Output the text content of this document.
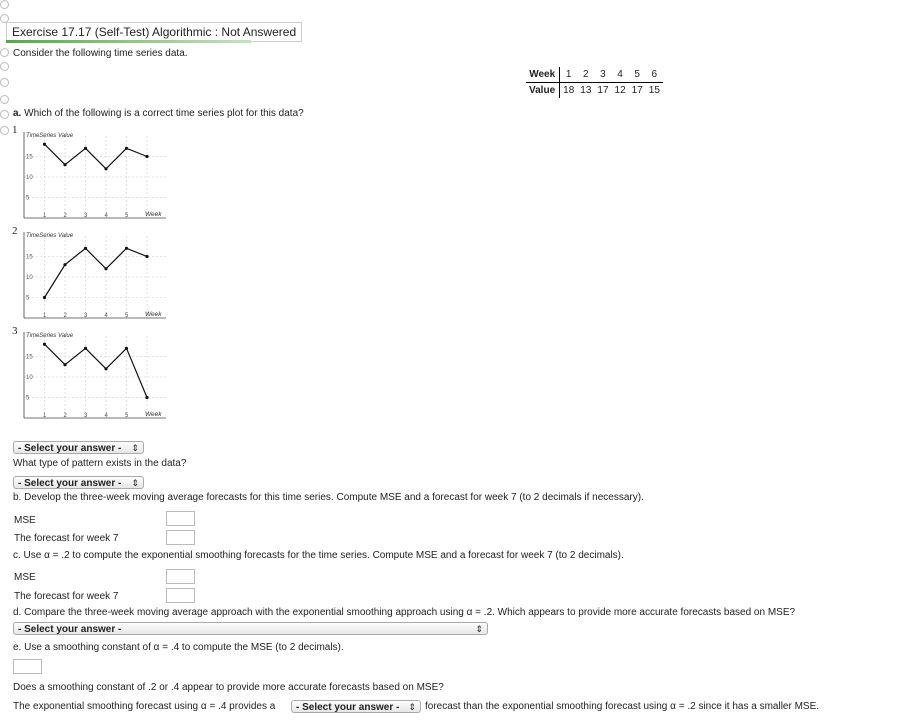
Exercise 17.17 (Self-Test) Algorithmic : Not Answered
Consider the following time series data.
Week	1	2	3	4	5	6
Value	18	13	17	12	17	15
a. Which of the following is a correct time series plot for this data?
1 TimeSeries Value
Week
15
10
5
1	2	3	4	5
2 TimeSeries Value
Week
15
10
5
1	2	3	4	5
3 TimeSeries Value
Week
15
10
5
1	2	3	4	5
- Select your answer - ⇕
What type of pattern exists in the data?
- Select your answer - ⇕
b. Develop the three-week moving average forecasts for this time series. Compute MSE and a forecast for week 7 (to 2 decimals if necessary).
MSE
The forecast for week 7
c. Use α = .2 to compute the exponential smoothing forecasts for the time series. Compute MSE and a forecast for week 7 (to 2 decimals).
MSE
The forecast for week 7
d. Compare the three-week moving average approach with the exponential smoothing approach using α = .2. Which appears to provide more accurate forecasts based on MSE?
- Select your answer -	⇕
e. Use a smoothing constant of α = .4 to compute the MSE (to 2 decimals).
Does a smoothing constant of .2 or .4 appear to provide more accurate forecasts based on MSE?
The exponential smoothing forecast using α = .4 provides a	- Select your answer - ⇕ forecast than the exponential smoothing forecast using α = .2 since it has a smaller MSE.
